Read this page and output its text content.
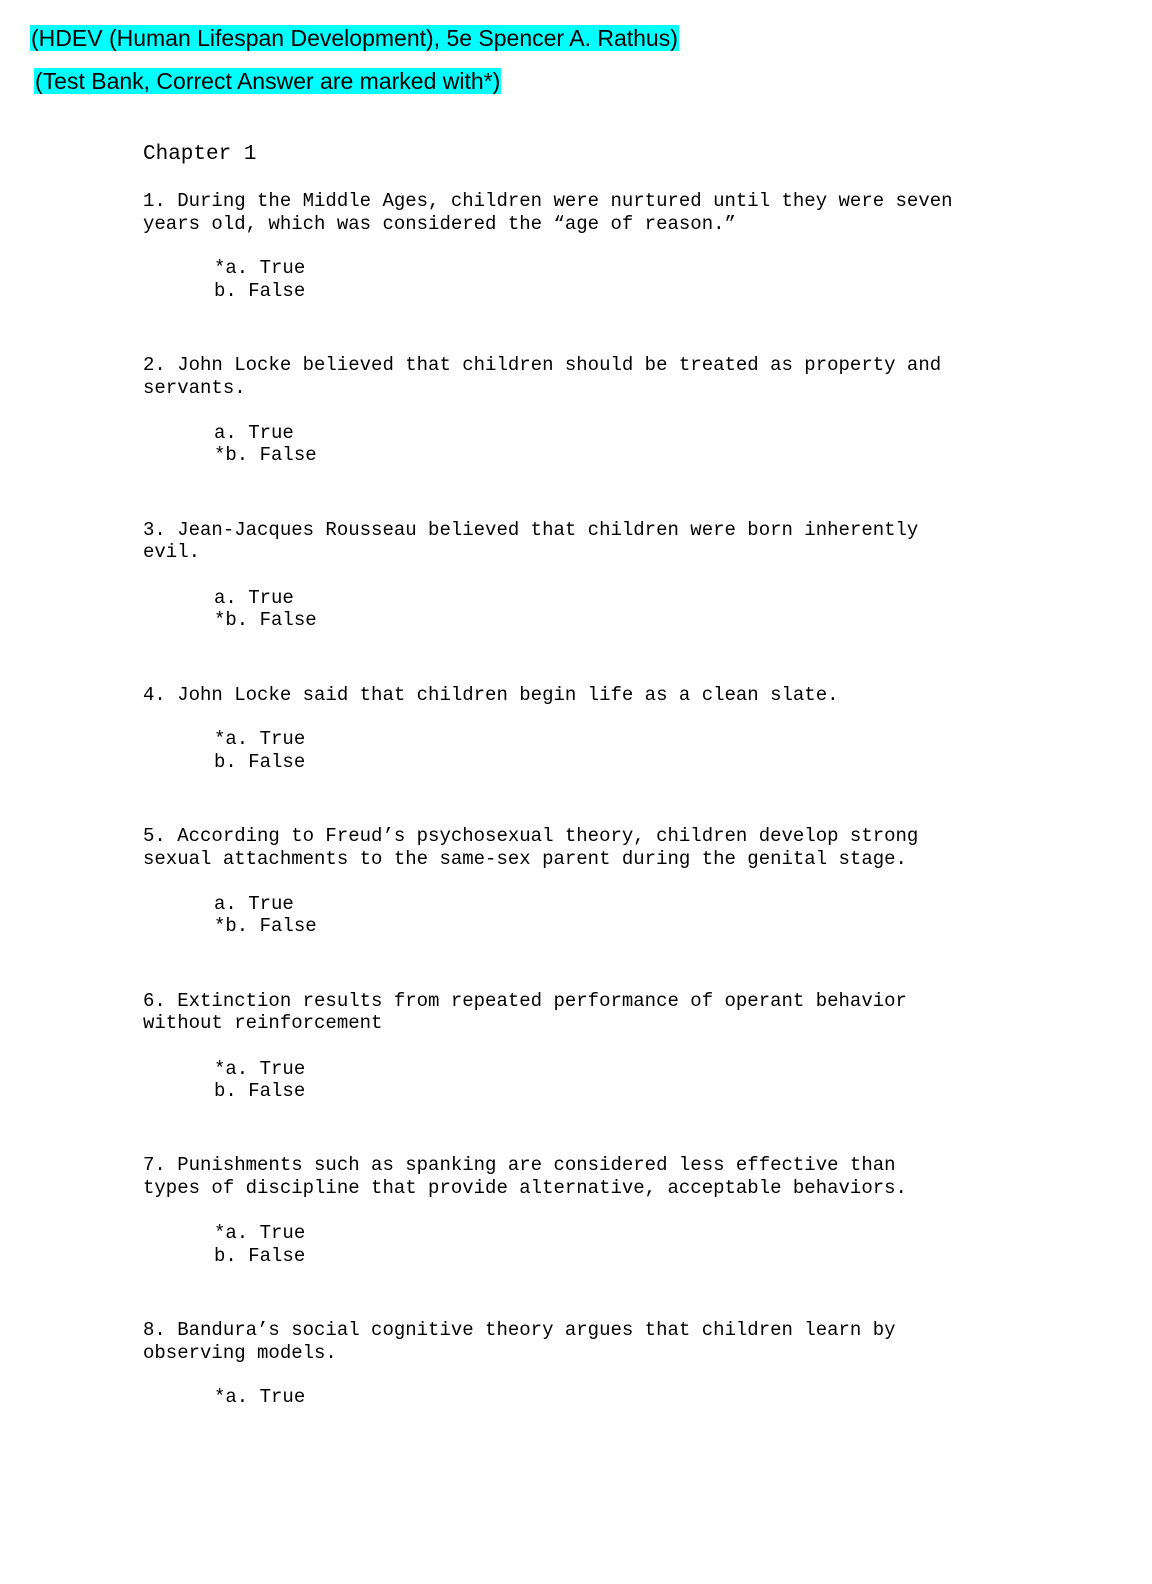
(HDEV (Human Lifespan Development), 5e Spencer A. Rathus)
(Test Bank, Correct Answer are marked with*)
Chapter 1
1. During the Middle Ages, children were nurtured until they were seven
years old, which was considered the “age of reason.”
*a. True
b. False
2. John Locke believed that children should be treated as property and
servants.
a. True
*b. False
3. Jean-Jacques Rousseau believed that children were born inherently
evil.
a. True
*b. False
4. John Locke said that children begin life as a clean slate.
*a. True
b. False
5. According to Freud’s psychosexual theory, children develop strong
sexual attachments to the same-sex parent during the genital stage.
a. True
*b. False
6. Extinction results from repeated performance of operant behavior
without reinforcement
*a. True
b. False
7. Punishments such as spanking are considered less effective than
types of discipline that provide alternative, acceptable behaviors.
*a. True
b. False
8. Bandura’s social cognitive theory argues that children learn by
observing models.
*a. True
